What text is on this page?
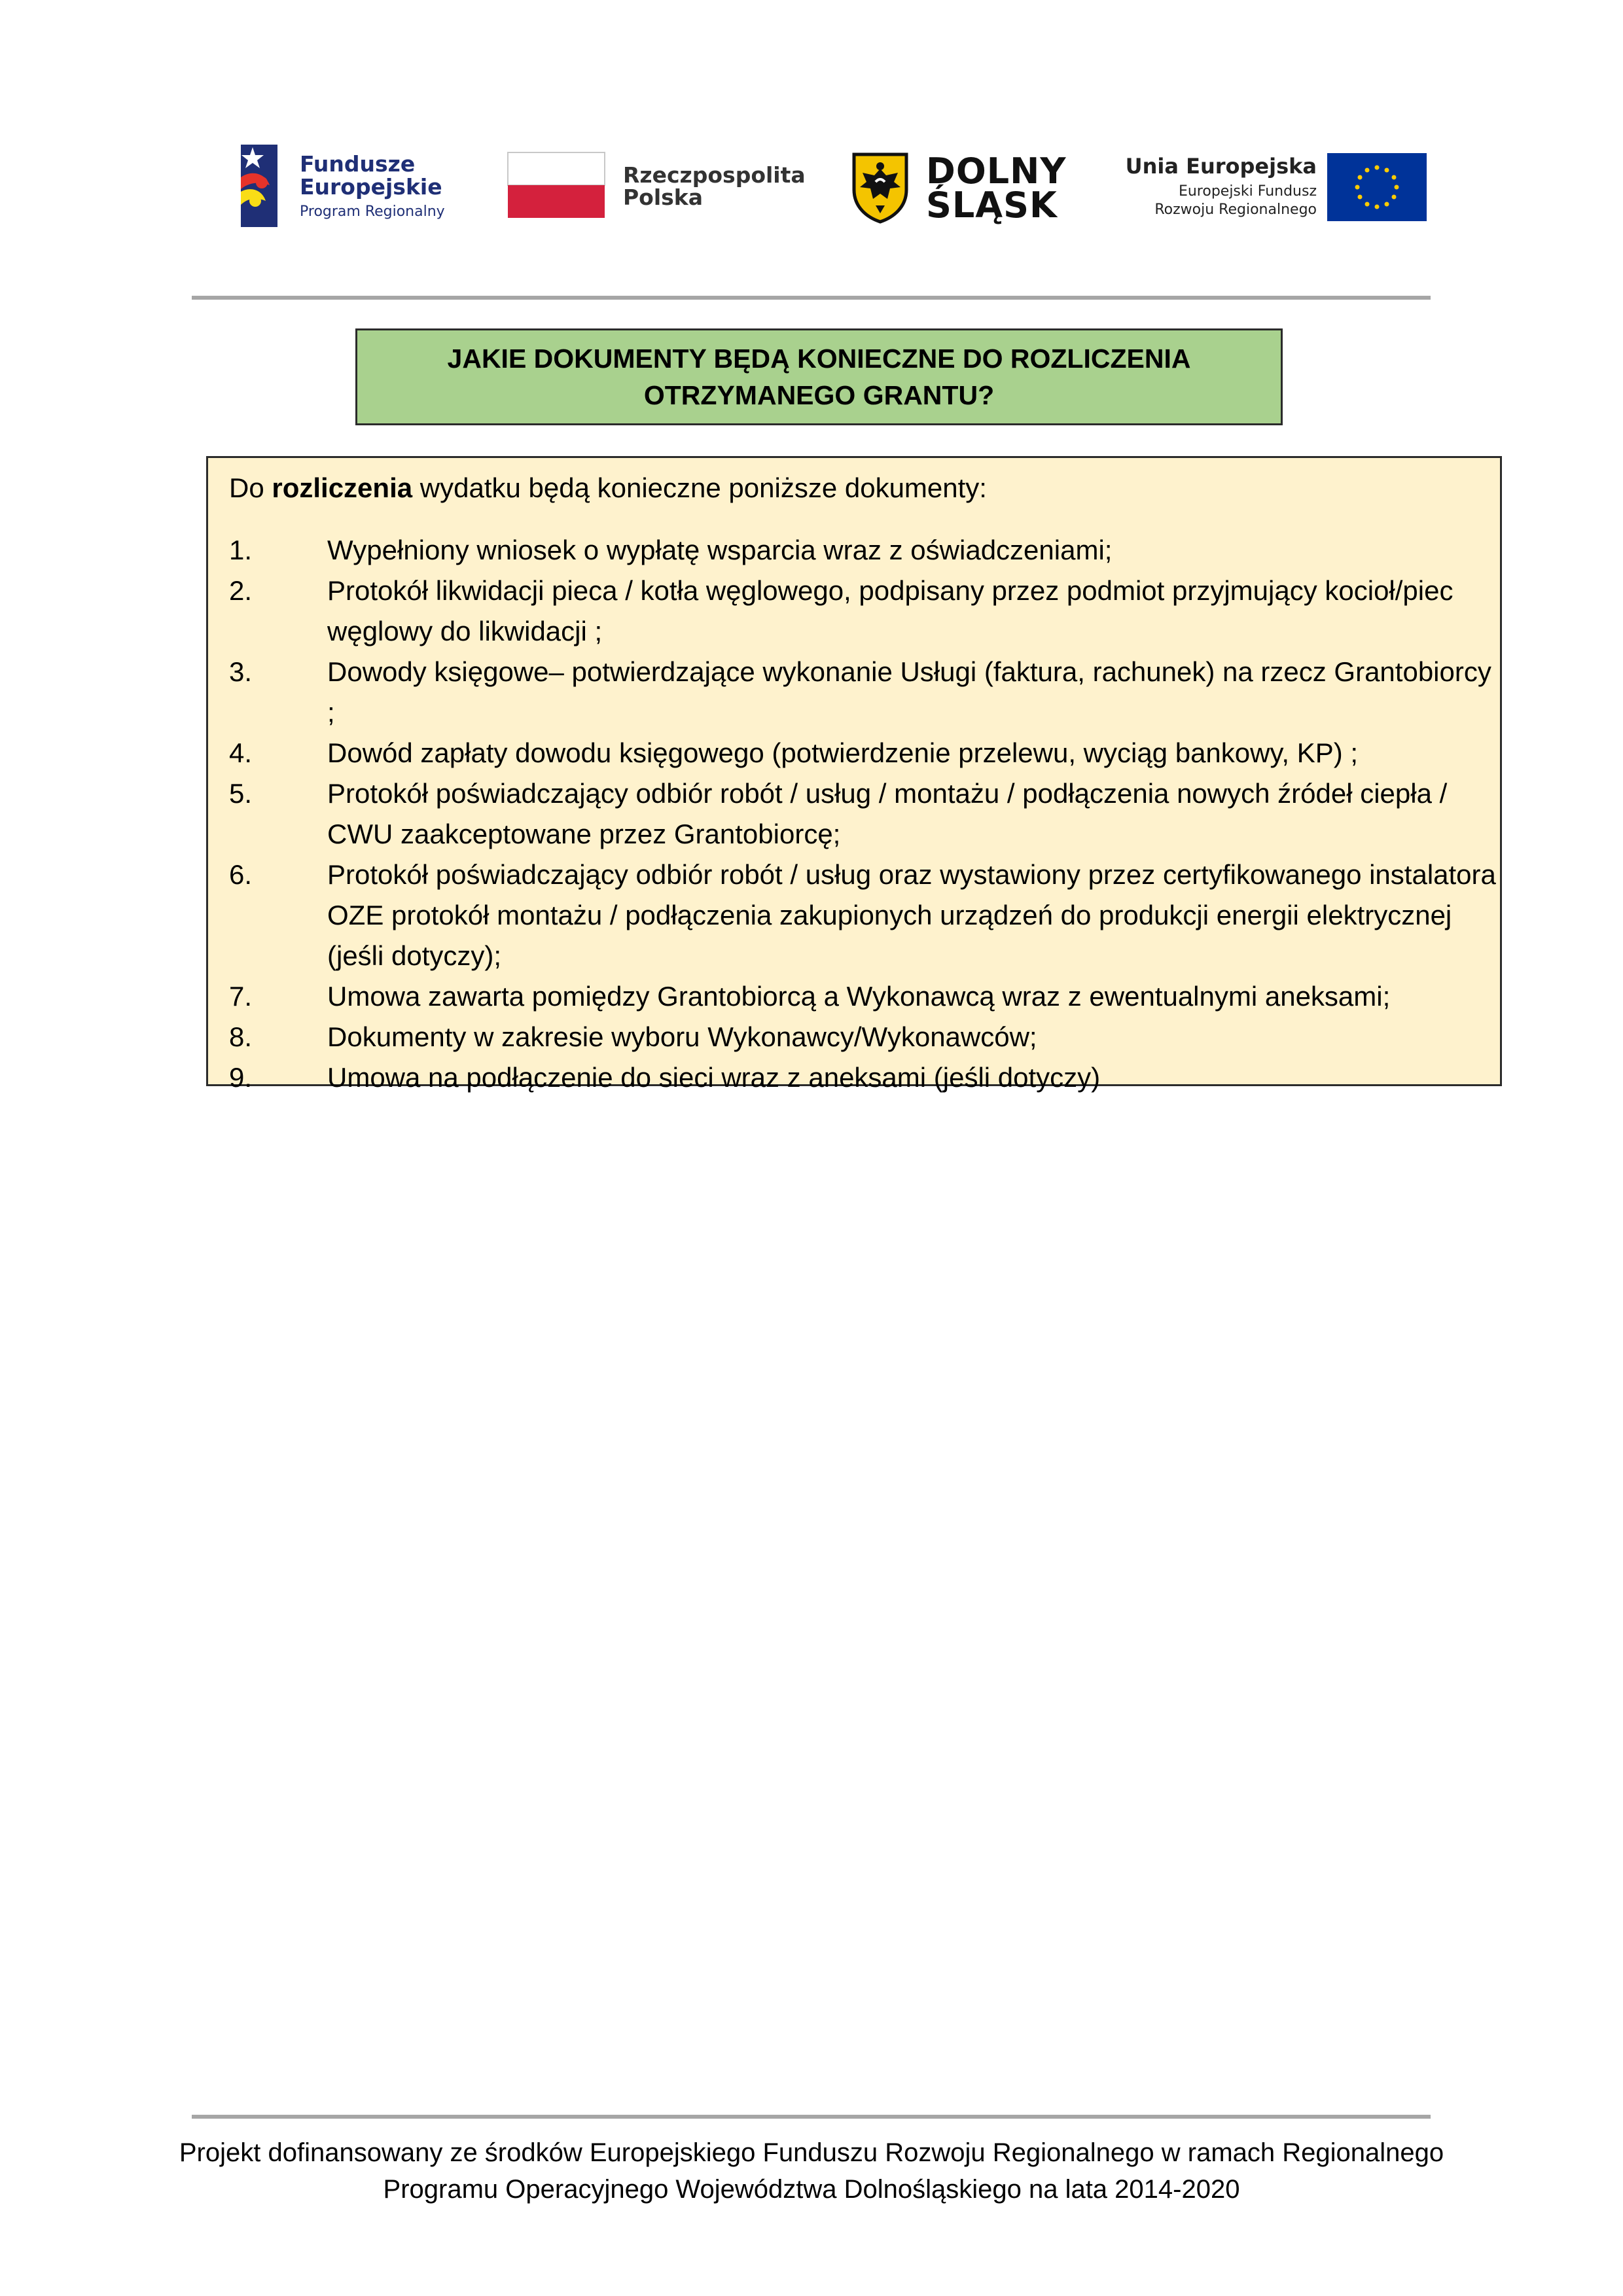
Fundusze
Europejskie
Program Regionalny
Rzeczpospolita
Polska
DOLNY
ŚLĄSK
Unia Europejska
Europejski Fundusz
Rozwoju Regionalnego
JAKIE DOKUMENTY BĘDĄ KONIECZNE DO ROZLICZENIA
OTRZYMANEGO GRANTU?
Do rozliczenia wydatku będą konieczne poniższe dokumenty:
1.	Wypełniony wniosek o wypłatę wsparcia wraz z oświadczeniami;
2.	Protokół likwidacji pieca / kotła węglowego, podpisany przez podmiot przyjmujący kocioł/piec węglowy do likwidacji ;
3.	Dowody księgowe– potwierdzające wykonanie Usługi (faktura, rachunek) na rzecz Grantobiorcy ;
4.	Dowód zapłaty dowodu księgowego (potwierdzenie przelewu, wyciąg bankowy, KP) ;
5.	Protokół poświadczający odbiór robót / usług / montażu / podłączenia nowych źródeł ciepła / CWU zaakceptowane przez Grantobiorcę;
6.	Protokół poświadczający odbiór robót / usług oraz wystawiony przez certyfikowanego instalatora OZE protokół montażu / podłączenia zakupionych urządzeń do produkcji energii elektrycznej (jeśli dotyczy);
7.	Umowa zawarta pomiędzy Grantobiorcą a Wykonawcą wraz z ewentualnymi aneksami;
8.	Dokumenty w zakresie wyboru Wykonawcy/Wykonawców;
9.	Umowa na podłączenie do sieci wraz z aneksami (jeśli dotyczy)
Projekt dofinansowany ze środków Europejskiego Funduszu Rozwoju Regionalnego w ramach Regionalnego
Programu Operacyjnego Województwa Dolnośląskiego na lata 2014-2020
